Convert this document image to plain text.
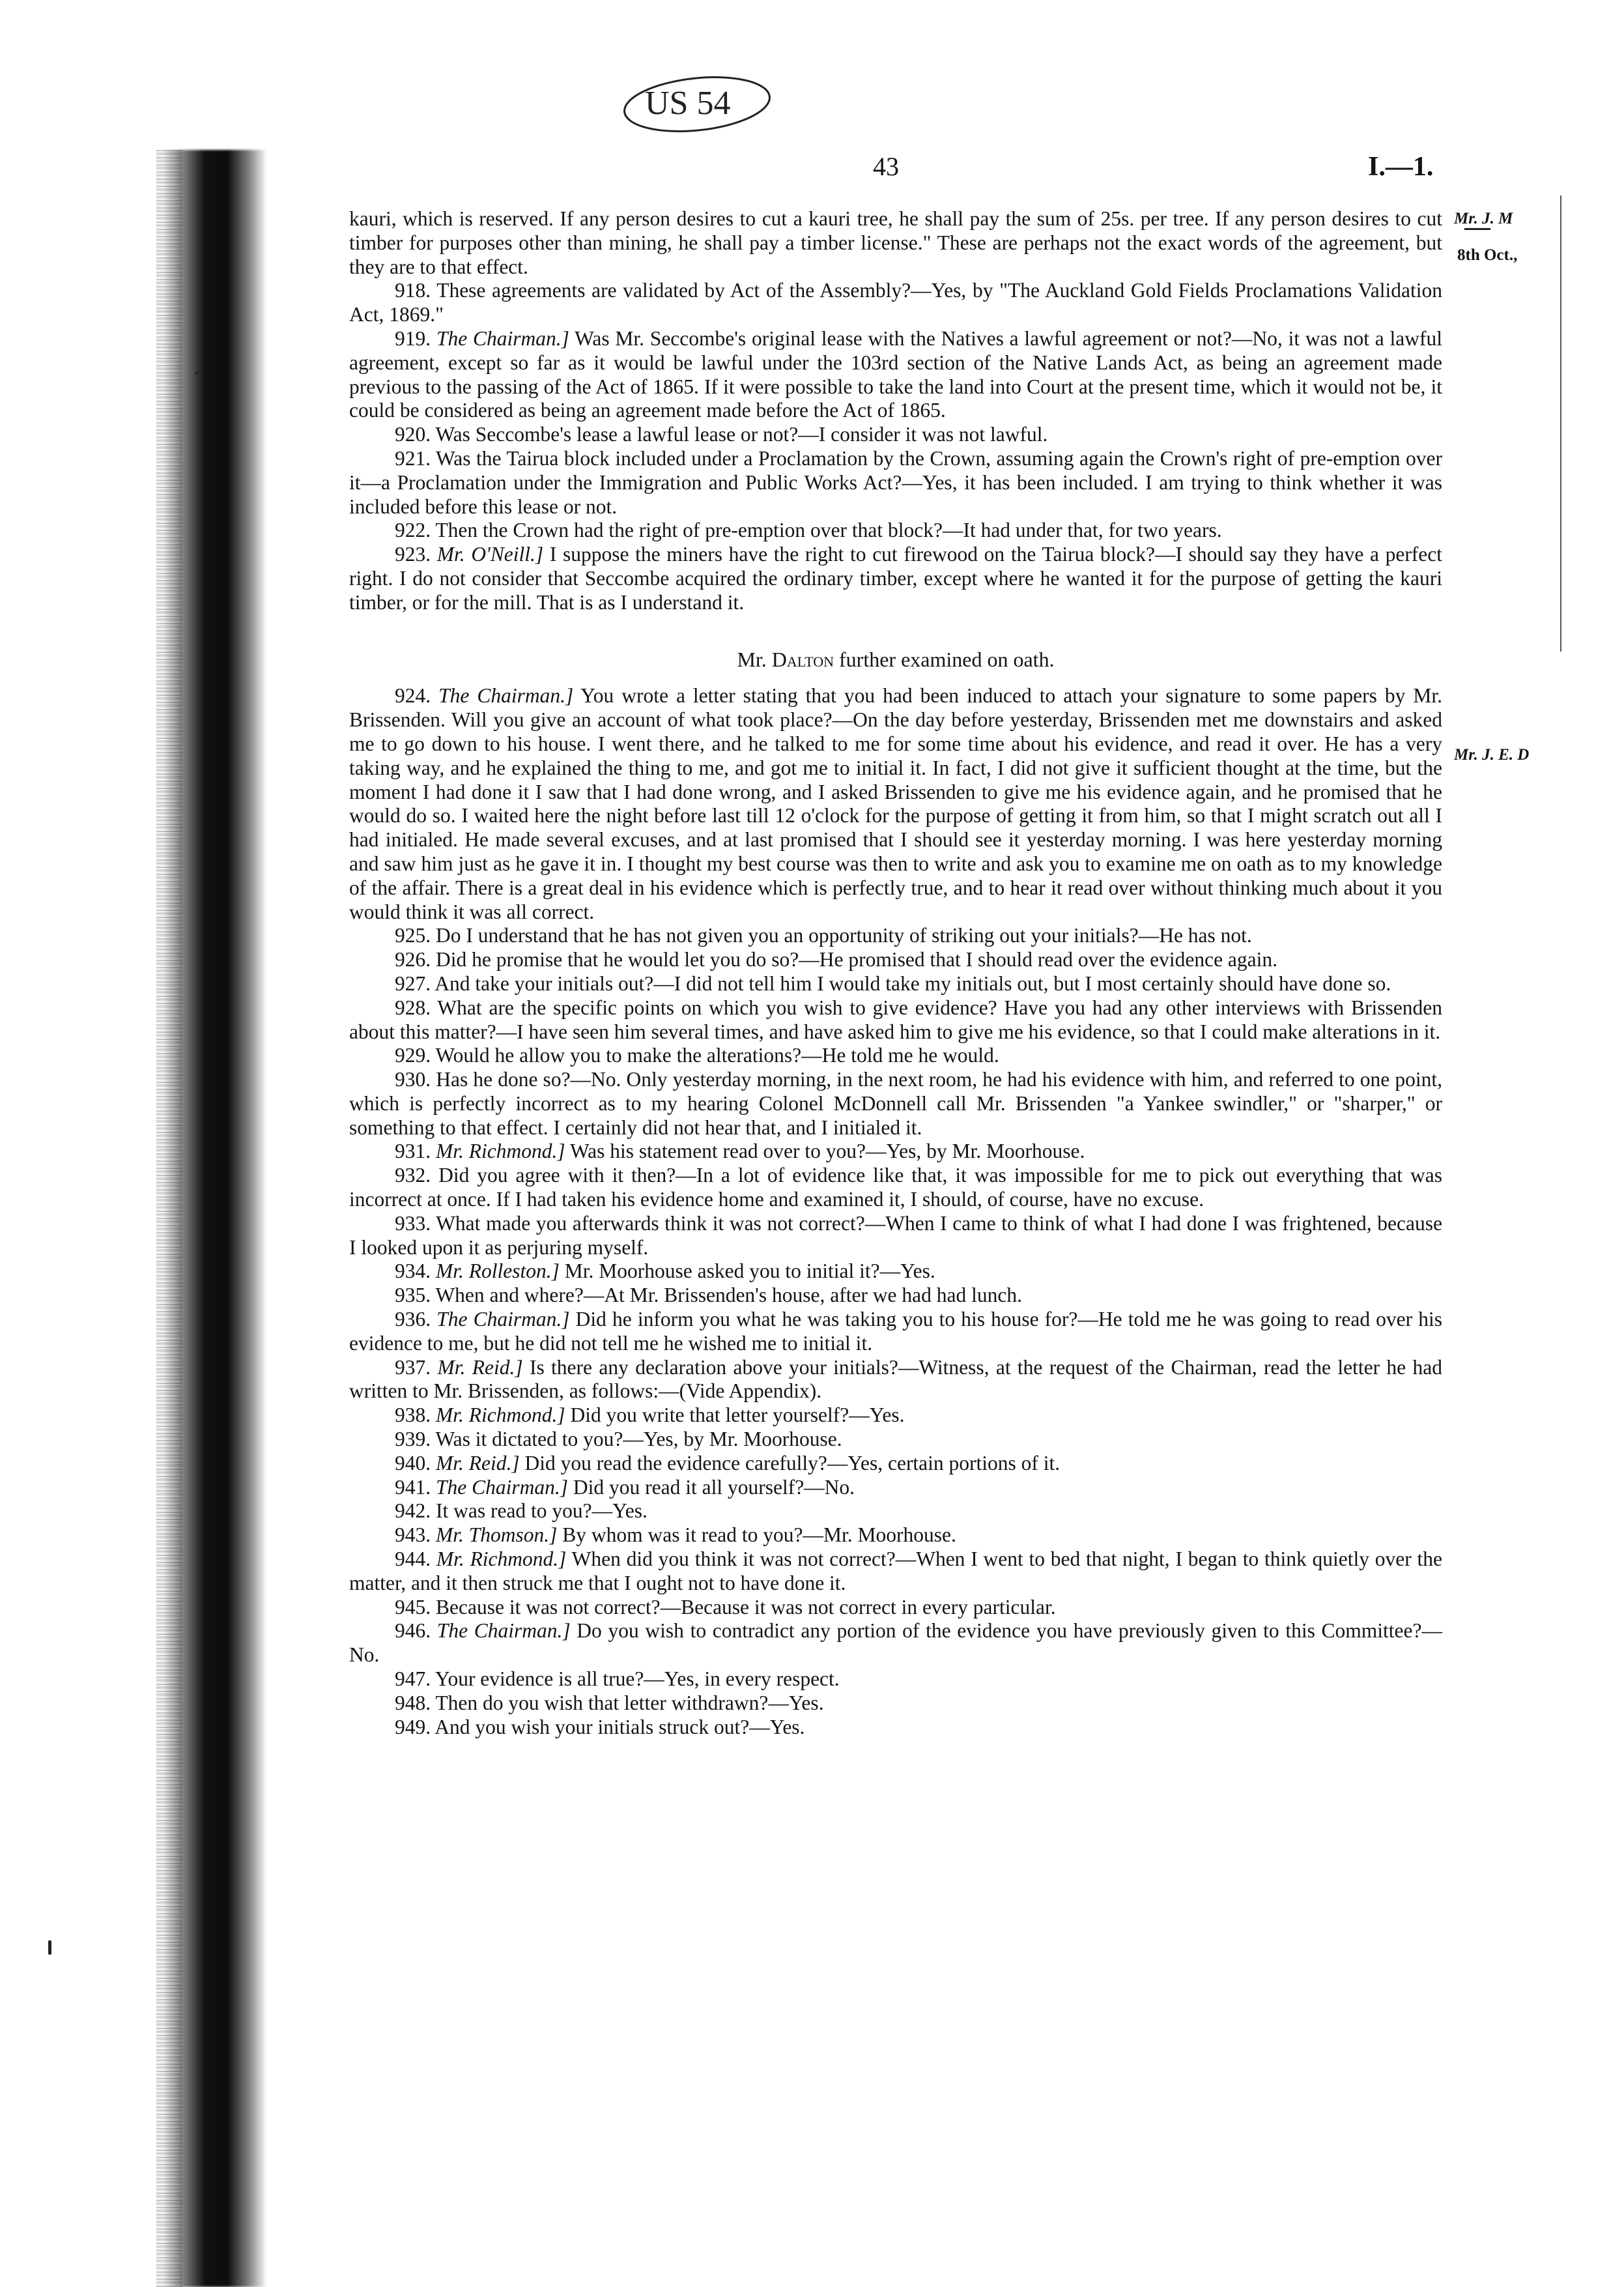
US 54
43	I.—1.
Mr. J. M
8th Oct.,
Mr. J. E. D

kauri, which is reserved. If any person desires to cut a kauri tree, he shall pay the sum of 25s. per tree. If any person desires to cut timber for purposes other than mining, he shall pay a timber license." These are perhaps not the exact words of the agreement, but they are to that effect.

918. These agreements are validated by Act of the Assembly?—Yes, by "The Auckland Gold Fields Proclamations Validation Act, 1869."

919. The Chairman.] Was Mr. Seccombe's original lease with the Natives a lawful agreement or not?—No, it was not a lawful agreement, except so far as it would be lawful under the 103rd section of the Native Lands Act, as being an agreement made previous to the passing of the Act of 1865. If it were possible to take the land into Court at the present time, which it would not be, it could be considered as being an agreement made before the Act of 1865.

920. Was Seccombe's lease a lawful lease or not?—I consider it was not lawful.

921. Was the Tairua block included under a Proclamation by the Crown, assuming again the Crown's right of pre-emption over it—a Proclamation under the Immigration and Public Works Act?—Yes, it has been included. I am trying to think whether it was included before this lease or not.

922. Then the Crown had the right of pre-emption over that block?—It had under that, for two years.

923. Mr. O'Neill.] I suppose the miners have the right to cut firewood on the Tairua block?—I should say they have a perfect right. I do not consider that Seccombe acquired the ordinary timber, except where he wanted it for the purpose of getting the kauri timber, or for the mill. That is as I understand it.

Mr. Dalton further examined on oath.

924. The Chairman.] You wrote a letter stating that you had been induced to attach your signature to some papers by Mr. Brissenden. Will you give an account of what took place?—On the day before yesterday, Brissenden met me downstairs and asked me to go down to his house. I went there, and he talked to me for some time about his evidence, and read it over. He has a very taking way, and he explained the thing to me, and got me to initial it. In fact, I did not give it sufficient thought at the time, but the moment I had done it I saw that I had done wrong, and I asked Brissenden to give me his evidence again, and he promised that he would do so. I waited here the night before last till 12 o'clock for the purpose of getting it from him, so that I might scratch out all I had initialed. He made several excuses, and at last promised that I should see it yesterday morning. I was here yesterday morning and saw him just as he gave it in. I thought my best course was then to write and ask you to examine me on oath as to my knowledge of the affair. There is a great deal in his evidence which is perfectly true, and to hear it read over without thinking much about it you would think it was all correct.

925. Do I understand that he has not given you an opportunity of striking out your initials?—He has not.

926. Did he promise that he would let you do so?—He promised that I should read over the evidence again.

927. And take your initials out?—I did not tell him I would take my initials out, but I most certainly should have done so.

928. What are the specific points on which you wish to give evidence? Have you had any other interviews with Brissenden about this matter?—I have seen him several times, and have asked him to give me his evidence, so that I could make alterations in it.

929. Would he allow you to make the alterations?—He told me he would.

930. Has he done so?—No. Only yesterday morning, in the next room, he had his evidence with him, and referred to one point, which is perfectly incorrect as to my hearing Colonel McDonnell call Mr. Brissenden "a Yankee swindler," or "sharper," or something to that effect. I certainly did not hear that, and I initialed it.

931. Mr. Richmond.] Was his statement read over to you?—Yes, by Mr. Moorhouse.

932. Did you agree with it then?—In a lot of evidence like that, it was impossible for me to pick out everything that was incorrect at once. If I had taken his evidence home and examined it, I should, of course, have no excuse.

933. What made you afterwards think it was not correct?—When I came to think of what I had done I was frightened, because I looked upon it as perjuring myself.

934. Mr. Rolleston.] Mr. Moorhouse asked you to initial it?—Yes.

935. When and where?—At Mr. Brissenden's house, after we had had lunch.

936. The Chairman.] Did he inform you what he was taking you to his house for?—He told me he was going to read over his evidence to me, but he did not tell me he wished me to initial it.

937. Mr. Reid.] Is there any declaration above your initials?—Witness, at the request of the Chairman, read the letter he had written to Mr. Brissenden, as follows:—(Vide Appendix).

938. Mr. Richmond.] Did you write that letter yourself?—Yes.

939. Was it dictated to you?—Yes, by Mr. Moorhouse.

940. Mr. Reid.] Did you read the evidence carefully?—Yes, certain portions of it.

941. The Chairman.] Did you read it all yourself?—No.

942. It was read to you?—Yes.

943. Mr. Thomson.] By whom was it read to you?—Mr. Moorhouse.

944. Mr. Richmond.] When did you think it was not correct?—When I went to bed that night, I began to think quietly over the matter, and it then struck me that I ought not to have done it.

945. Because it was not correct?—Because it was not correct in every particular.

946. The Chairman.] Do you wish to contradict any portion of the evidence you have previously given to this Committee?—No.

947. Your evidence is all true?—Yes, in every respect.

948. Then do you wish that letter withdrawn?—Yes.

949. And you wish your initials struck out?—Yes.
